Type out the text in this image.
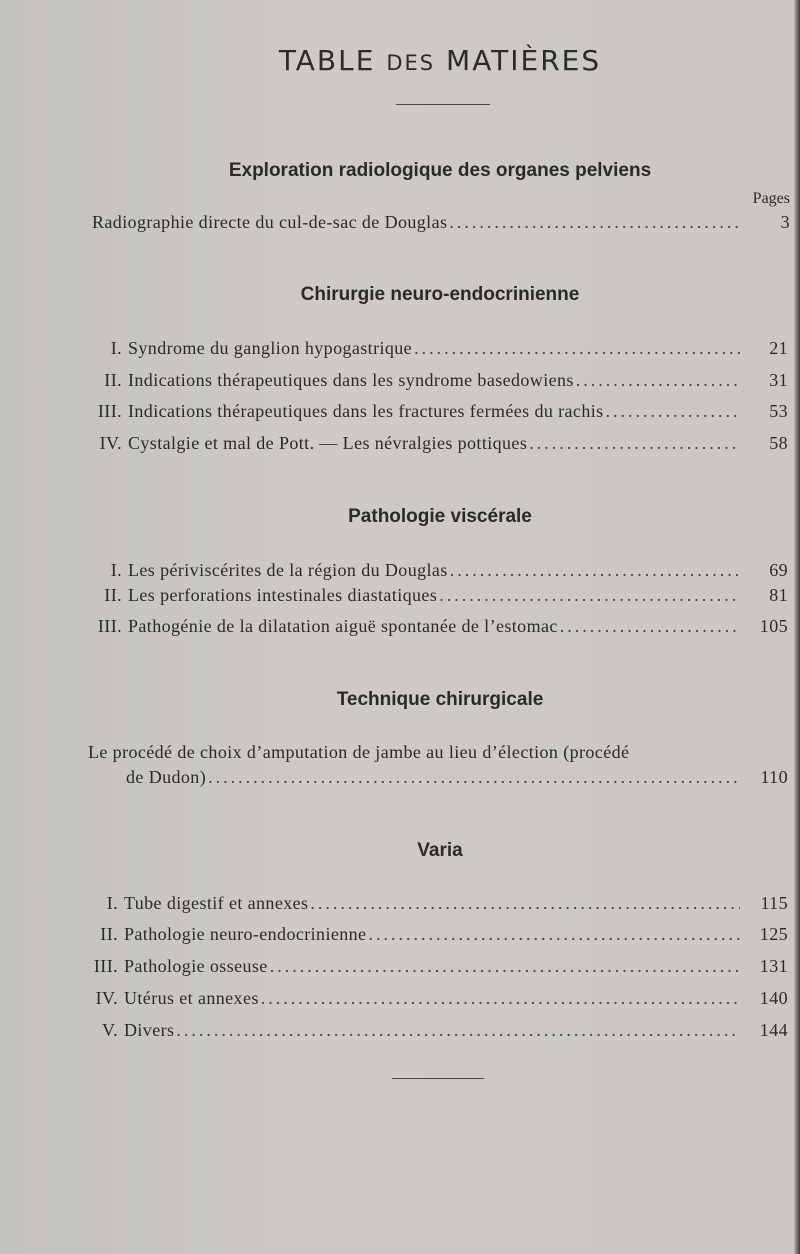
TABLE DES MATIÈRES
Exploration radiologique des organes pelviens
Pages
Radiographie directe du cul-de-sac de Douglas .....	3
Chirurgie neuro-endocrinienne
I. Syndrome du ganglion hypogastrique .....	21
II. Indications thérapeutiques dans les syndrome basedowiens .....	31
III. Indications thérapeutiques dans les fractures fermées du rachis .....	53
IV. Cystalgie et mal de Pott. — Les névralgies pottiques .....	58
Pathologie viscérale
I. Les périviscérites de la région du Douglas .....	69
II. Les perforations intestinales diastatiques .....	81
III. Pathogénie de la dilatation aiguë spontanée de l’estomac .....	105
Technique chirurgicale
Le procédé de choix d’amputation de jambe au lieu d’élection (procédé
de Dudon) .....	110
Varia
I. Tube digestif et annexes .....	115
II. Pathologie neuro-endocrinienne .....	125
III. Pathologie osseuse .....	131
IV. Utérus et annexes .....	140
V. Divers .....	144
